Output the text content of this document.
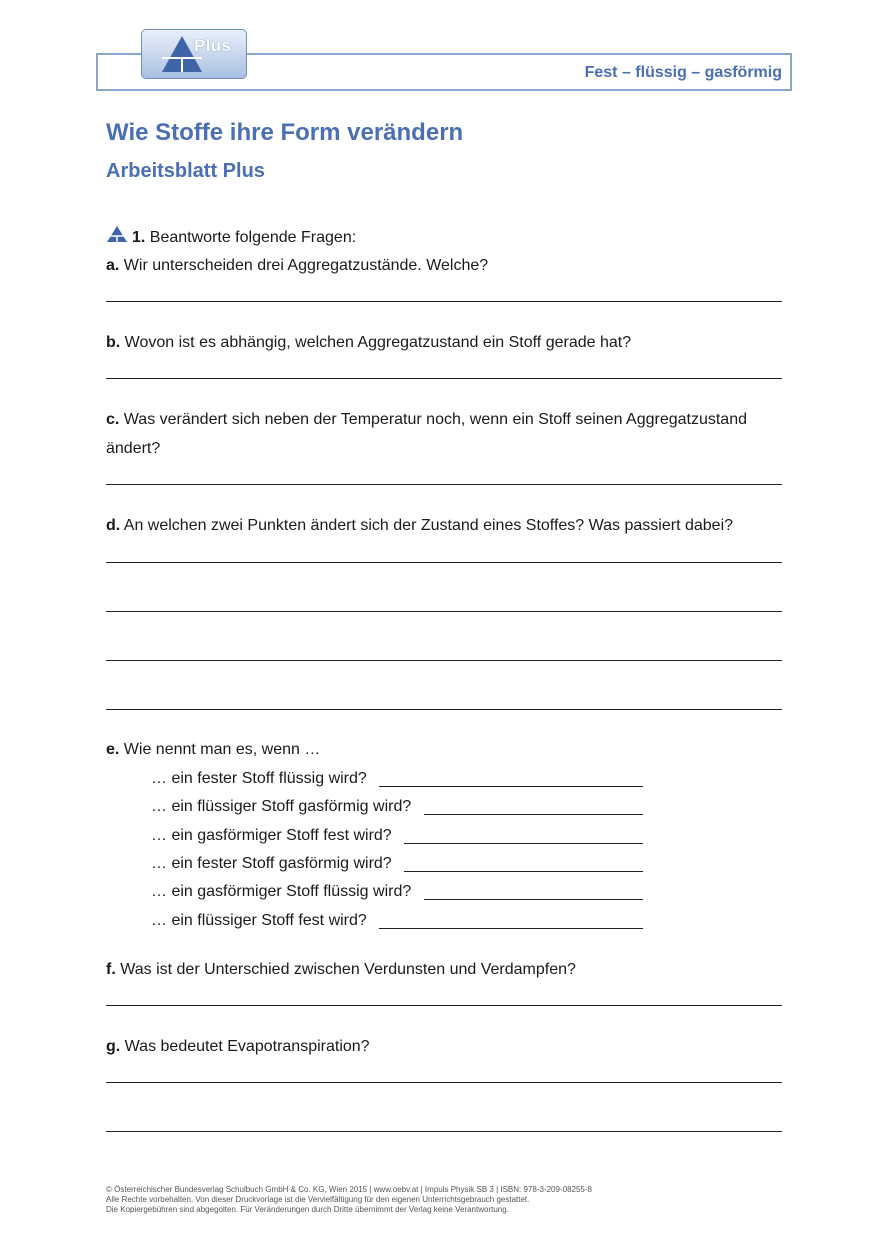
Fest – flüssig – gasförmig
Plus
Wie Stoffe ihre Form verändern
Arbeitsblatt Plus
1. Beantworte folgende Fragen:
a. Wir unterscheiden drei Aggregatzustände. Welche?
b. Wovon ist es abhängig, welchen Aggregatzustand ein Stoff gerade hat?
c. Was verändert sich neben der Temperatur noch, wenn ein Stoff seinen Aggregatzustand
ändert?
d. An welchen zwei Punkten ändert sich der Zustand eines Stoffes? Was passiert dabei?
e. Wie nennt man es, wenn …
… ein fester Stoff flüssig wird?
… ein flüssiger Stoff gasförmig wird?
… ein gasförmiger Stoff fest wird?
… ein fester Stoff gasförmig wird?
… ein gasförmiger Stoff flüssig wird?
… ein flüssiger Stoff fest wird?
f. Was ist der Unterschied zwischen Verdunsten und Verdampfen?
g. Was bedeutet Evapotranspiration?
© Österreichischer Bundesverlag Schulbuch GmbH & Co. KG, Wien 2015 | www.oebv.at | Impuls Physik SB 3 | ISBN: 978-3-209-08255-8
Alle Rechte vorbehalten. Von dieser Druckvorlage ist die Vervielfältigung für den eigenen Unterrichtsgebrauch gestattet.
Die Kopiergebühren sind abgegolten. Für Veränderungen durch Dritte übernimmt der Verlag keine Verantwortung.
